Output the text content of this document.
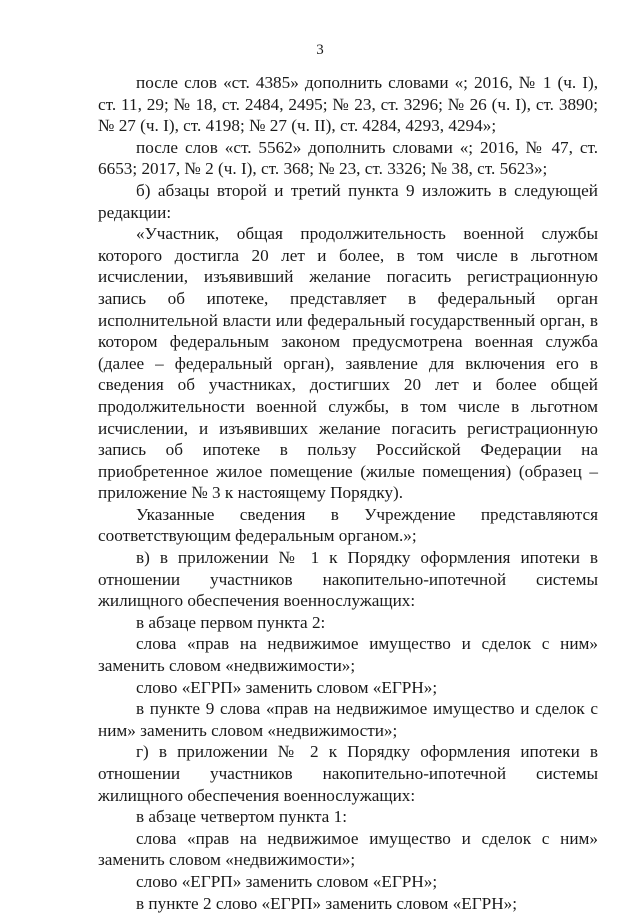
3

после слов «ст. 4385» дополнить словами «; 2016, № 1 (ч. I), ст. 11, 29; № 18, ст. 2484, 2495; № 23, ст. 3296; № 26 (ч. I), ст. 3890; № 27 (ч. I), ст. 4198; № 27 (ч. II), ст. 4284, 4293, 4294»;

после слов «ст. 5562» дополнить словами «; 2016, № 47, ст. 6653; 2017, № 2 (ч. I), ст. 368; № 23, ст. 3326; № 38, ст. 5623»;

б) абзацы второй и третий пункта 9 изложить в следующей редакции:

«Участник, общая продолжительность военной службы которого достигла 20 лет и более, в том числе в льготном исчислении, изъявивший желание погасить регистрационную запись об ипотеке, представляет в федеральный орган исполнительной власти или федеральный государственный орган, в котором федеральным законом предусмотрена военная служба (далее – федеральный орган), заявление для включения его в сведения об участниках, достигших 20 лет и более общей продолжительности военной службы, в том числе в льготном исчислении, и изъявивших желание погасить регистрационную запись об ипотеке в пользу Российской Федерации на приобретенное жилое помещение (жилые помещения) (образец – приложение № 3 к настоящему Порядку).

Указанные сведения в Учреждение представляются соответствующим федеральным органом.»;

в) в приложении № 1 к Порядку оформления ипотеки в отношении участников накопительно-ипотечной системы жилищного обеспечения военнослужащих:

в абзаце первом пункта 2:

слова «прав на недвижимое имущество и сделок с ним» заменить словом «недвижимости»;

слово «ЕГРП» заменить словом «ЕГРН»;

в пункте 9 слова «прав на недвижимое имущество и сделок с ним» заменить словом «недвижимости»;

г) в приложении № 2 к Порядку оформления ипотеки в отношении участников накопительно-ипотечной системы жилищного обеспечения военнослужащих:

в абзаце четвертом пункта 1:

слова «прав на недвижимое имущество и сделок с ним» заменить словом «недвижимости»;

слово «ЕГРП» заменить словом «ЕГРН»;

в пункте 2 слово «ЕГРП» заменить словом «ЕГРН»;
